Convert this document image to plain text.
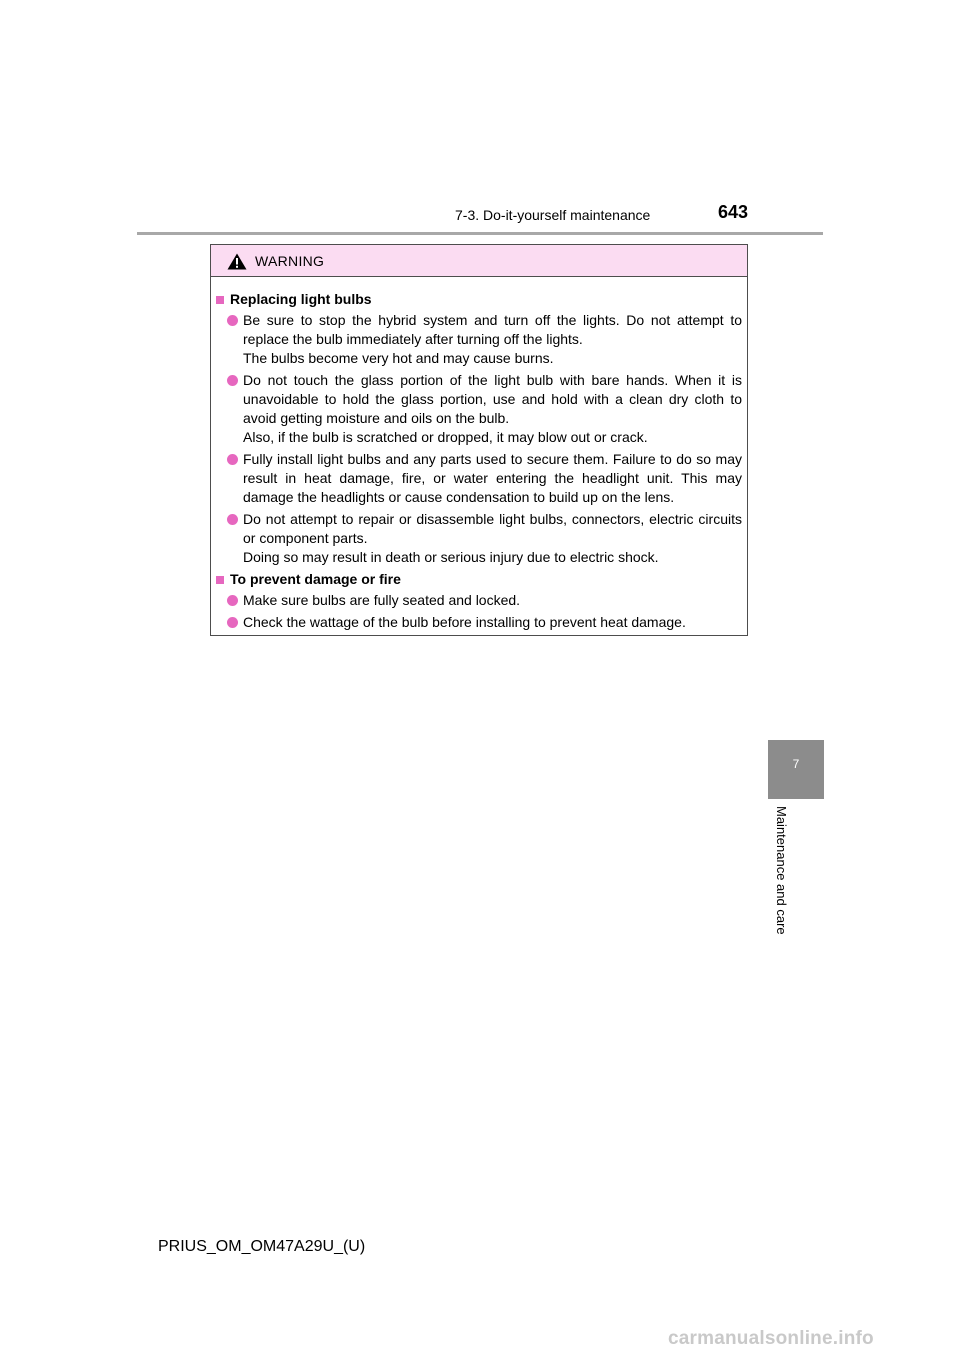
7-3. Do-it-yourself maintenance	643
7
Maintenance and care
WARNING
Replacing light bulbs

Be sure to stop the hybrid system and turn off the lights. Do not attempt to replace the bulb immediately after turning off the lights.

The bulbs become very hot and may cause burns.

Do not touch the glass portion of the light bulb with bare hands. When it is unavoidable to hold the glass portion, use and hold with a clean dry cloth to avoid getting moisture and oils on the bulb.

Also, if the bulb is scratched or dropped, it may blow out or crack.

Fully install light bulbs and any parts used to secure them. Failure to do so may result in heat damage, fire, or water entering the headlight unit. This may damage the headlights or cause condensation to build up on the lens.

Do not attempt to repair or disassemble light bulbs, connectors, electric circuits or component parts.

Doing so may result in death or serious injury due to electric shock.

To prevent damage or fire

Make sure bulbs are fully seated and locked.

Check the wattage of the bulb before installing to prevent heat damage.

PRIUS_OM_OM47A29U_(U)
carmanualsonline.info
